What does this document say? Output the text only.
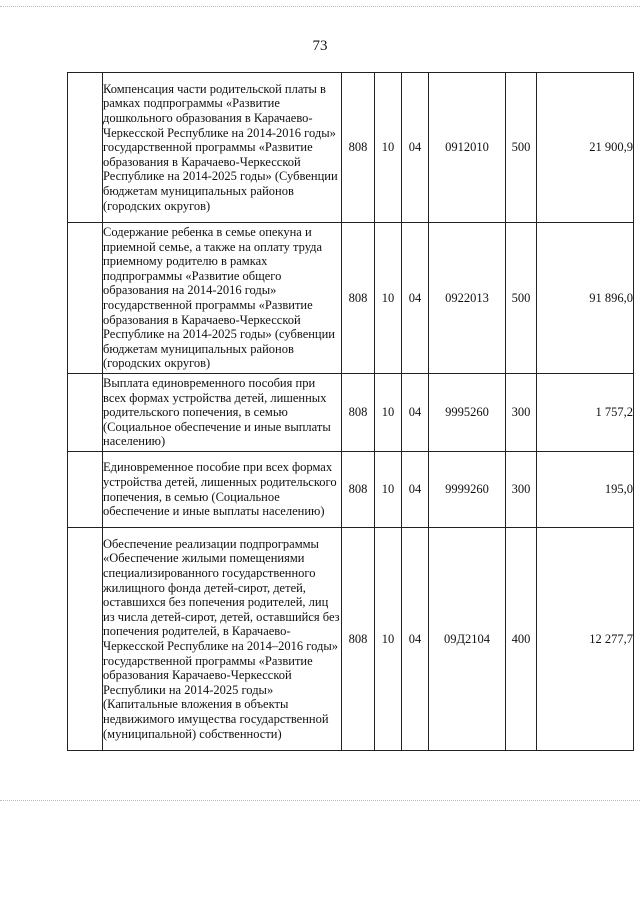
73
	Компенсация части родительской платы в рамках подпрограммы «Развитие дошкольного образования в Карачаево-Черкесской Республике на 2014-2016 годы» государственной программы «Развитие образования в Карачаево-Черкесской Республике на 2014-2025 годы» (Субвенции бюджетам муниципальных районов (городских округов)	808	10	04	0912010	500	21 900,9
	Содержание ребенка в семье опекуна и приемной семье, а также на оплату труда приемному родителю в рамках подпрограммы «Развитие общего образования на 2014-2016 годы» государственной программы «Развитие образования в Карачаево-Черкесской Республике на 2014-2025 годы» (субвенции бюджетам муниципальных районов (городских округов)	808	10	04	0922013	500	91 896,0
	Выплата единовременного пособия при всех формах устройства детей, лишенных родительского попечения, в семью (Социальное обеспечение и иные выплаты населению)	808	10	04	9995260	300	1 757,2
	Единовременное пособие при всех формах устройства детей, лишенных родительского попечения, в семью (Социальное обеспечение и иные выплаты населению)	808	10	04	9999260	300	195,0
	Обеспечение реализации подпрограммы «Обеспечение жилыми помещениями специализированного государственного жилищного фонда детей-сирот, детей, оставшихся без попечения родителей, лиц из числа детей-сирот, детей, оставшийся без попечения родителей, в Карачаево-Черкесской Республике на 2014–2016 годы» государственной программы «Развитие образования Карачаево-Черкесской Республики на 2014-2025 годы» (Капитальные вложения в объекты недвижимого имущества государственной (муниципальной) собственности)	808	10	04	09Д2104	400	12 277,7
